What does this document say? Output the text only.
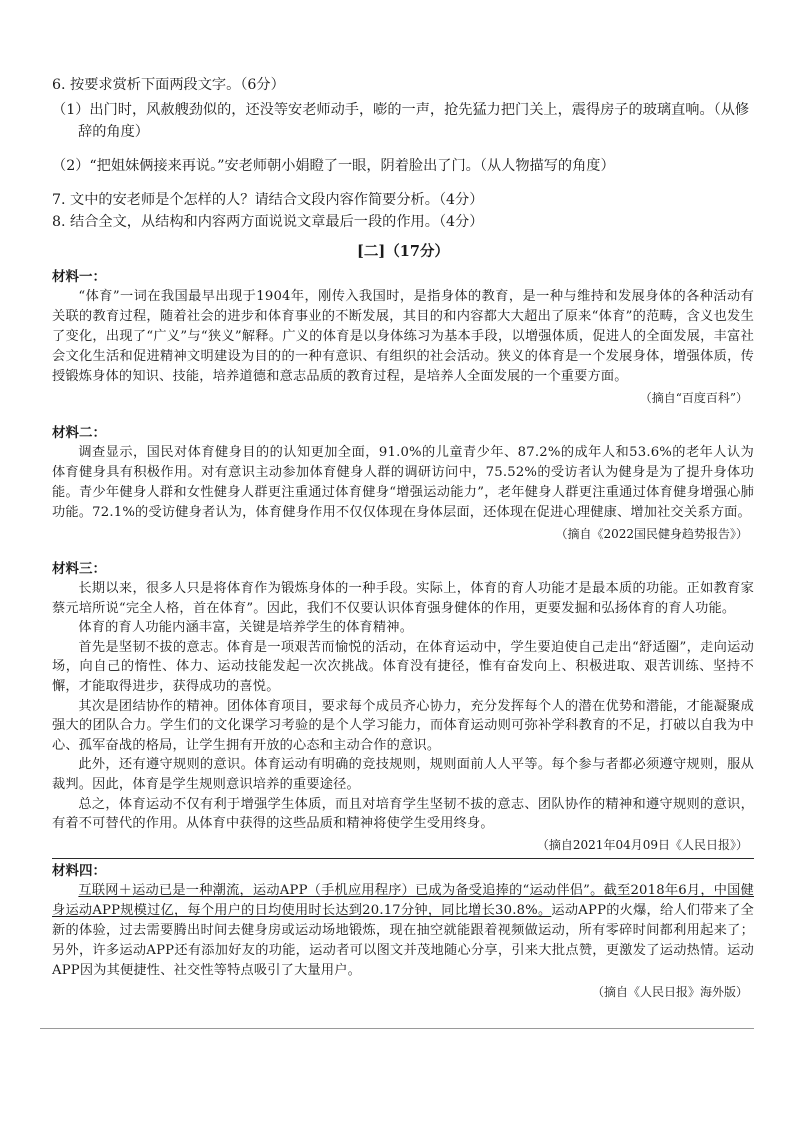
6. 按要求赏析下面两段文字。（6分）

（1）出门时，风赦艘劲似的，还没等安老师动手，嘭的一声，抢先猛力把门关上，震得房子的玻璃直响。（从修辞的角度）

（2）“把姐妹俩接来再说。”安老师朝小娟瞪了一眼，阴着脸出了门。（从人物描写的角度）

7. 文中的安老师是个怎样的人？请结合文段内容作简要分析。（4分）

8. 结合全文，从结构和内容两方面说说文章最后一段的作用。（4分）

[二]（17分）

材料一：

“体育”一词在我国最早出现于1904年，刚传入我国时，是指身体的教育，是一种与维持和发展身体的各种活动有关联的教育过程，随着社会的进步和体育事业的不断发展，其目的和内容都大大超出了原来“体育”的范畴，含义也发生了变化，出现了“广义”与“狭义”解释。广义的体育是以身体练习为基本手段，以增强体质，促进人的全面发展，丰富社会文化生活和促进精神文明建设为目的的一种有意识、有组织的社会活动。狭义的体育是一个发展身体，增强体质，传授锻炼身体的知识、技能，培养道德和意志品质的教育过程，是培养人全面发展的一个重要方面。

（摘自“百度百科”）

材料二：

调查显示，国民对体育健身目的的认知更加全面，91.0%的儿童青少年、87.2%的成年人和53.6%的老年人认为体育健身具有积极作用。对有意识主动参加体育健身人群的调研访问中，75.52%的受访者认为健身是为了提升身体功能。青少年健身人群和女性健身人群更注重通过体育健身“增强运动能力”，老年健身人群更注重通过体育健身增强心肺功能。72.1%的受访健身者认为，体育健身作用不仅仅体现在身体层面，还体现在促进心理健康、增加社交关系方面。

（摘自《2022国民健身趋势报告》）

材料三：

长期以来，很多人只是将体育作为锻炼身体的一种手段。实际上，体育的育人功能才是最本质的功能。正如教育家蔡元培所说“完全人格，首在体育”。因此，我们不仅要认识体育强身健体的作用，更要发掘和弘扬体育的育人功能。

体育的育人功能内涵丰富，关键是培养学生的体育精神。

首先是坚韧不拔的意志。体育是一项艰苦而愉悦的活动，在体育运动中，学生要迫使自己走出“舒适圈”，走向运动场，向自己的惰性、体力、运动技能发起一次次挑战。体育没有捷径，惟有奋发向上、积极进取、艰苦训练、坚持不懈，才能取得进步，获得成功的喜悦。

其次是团结协作的精神。团体体育项目，要求每个成员齐心协力，充分发挥每个人的潜在优势和潜能，才能凝聚成强大的团队合力。学生们的文化课学习考验的是个人学习能力，而体育运动则可弥补学科教育的不足，打破以自我为中心、孤军奋战的格局，让学生拥有开放的心态和主动合作的意识。

此外，还有遵守规则的意识。体育运动有明确的竞技规则，规则面前人人平等。每个参与者都必须遵守规则，服从裁判。因此，体育是学生规则意识培养的重要途径。

总之，体育运动不仅有利于增强学生体质，而且对培育学生坚韧不拔的意志、团队协作的精神和遵守规则的意识，有着不可替代的作用。从体育中获得的这些品质和精神将使学生受用终身。

（摘自2021年04月09日《人民日报》）

材料四：

互联网＋运动已是一种潮流，运动APP（手机应用程序）已成为备受追捧的“运动伴侣”。截至2018年6月，中国健身运动APP规模过亿，每个用户的日均使用时长达到20.17分钟，同比增长30.8%。运动APP的火爆，给人们带来了全新的体验，过去需要腾出时间去健身房或运动场地锻炼，现在抽空就能跟着视频做运动，所有零碎时间都利用起来了；另外，许多运动APP还有添加好友的功能，运动者可以图文并茂地随心分享，引来大批点赞，更激发了运动热情。运动APP因为其便捷性、社交性等特点吸引了大量用户。

（摘自《人民日报》海外版）
